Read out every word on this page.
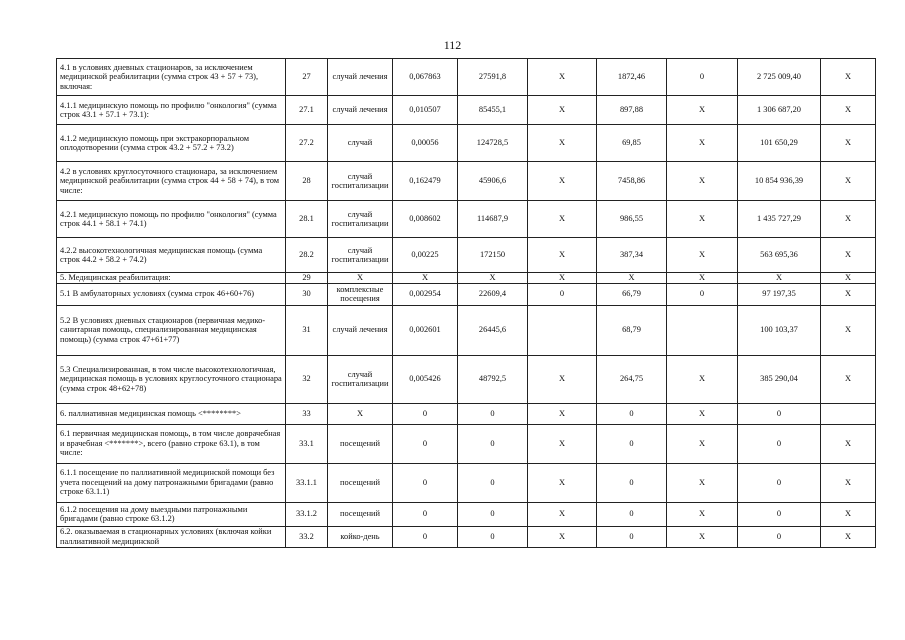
112
4.1 в условиях дневных стационаров, за исключением медицинской реабилитации (сумма строк 43 + 57 + 73), включая:	27	случай лечения	0,067863	27591,8	Х	1872,46	0	2 725 009,40	Х
4.1.1 медицинскую помощь по профилю "онкология" (сумма строк 43.1 + 57.1 + 73.1):	27.1	случай лечения	0,010507	85455,1	Х	897,88	Х	1 306 687,20	Х
4.1.2 медицинскую помощь при экстракорпоральном оплодотворении (сумма строк 43.2 + 57.2 + 73.2)	27.2	случай	0,00056	124728,5	Х	69,85	Х	101 650,29	Х
4.2 в условиях круглосуточного стационара, за исключением медицинской реабилитации (сумма строк 44 + 58 + 74), в том числе:	28	случай госпитализации	0,162479	45906,6	Х	7458,86	Х	10 854 936,39	Х
4.2.1 медицинскую помощь по профилю "онкология" (сумма строк 44.1 + 58.1 + 74.1)	28.1	случай госпитализации	0,008602	114687,9	Х	986,55	Х	1 435 727,29	Х
4.2.2 высокотехнологичная медицинская помощь (сумма строк 44.2 + 58.2 + 74.2)	28.2	случай госпитализации	0,00225	172150	Х	387,34	Х	563 695,36	Х
5. Медицинская реабилитация:	29	Х	Х	Х	Х	Х	Х	Х	Х
5.1 В амбулаторных условиях (сумма строк 46+60+76)	30	комплексные посещения	0,002954	22609,4	0	66,79	0	97 197,35	Х
5.2 В условиях дневных стационаров (первичная медико-санитарная помощь, специализированная медицинская помощь) (сумма строк 47+61+77)	31	случай лечения	0,002601	26445,6		68,79		100 103,37	Х
5.3 Специализированная, в том числе высокотехнологичная, медицинская помощь в условиях круглосуточного стационара (сумма строк 48+62+78)	32	случай госпитализации	0,005426	48792,5	Х	264,75	Х	385 290,04	Х
6. паллиативная медицинская помощь <********>	33	Х	0	0	Х	0	Х	0	
6.1 первичная медицинская помощь, в том числе доврачебная и врачебная <*******>, всего (равно строке 63.1), в том числе:	33.1	посещений	0	0	Х	0	Х	0	Х
6.1.1 посещение по паллиативной медицинской помощи без учета посещений на дому патронажными бригадами (равно строке 63.1.1)	33.1.1	посещений	0	0	Х	0	Х	0	Х
6.1.2 посещения на дому выездными патронажными бригадами (равно строке 63.1.2)	33.1.2	посещений	0	0	Х	0	Х	0	Х
6.2. оказываемая в стационарных условиях (включая койки паллиативной медицинской	33.2	койко-день	0	0	Х	0	Х	0	Х
